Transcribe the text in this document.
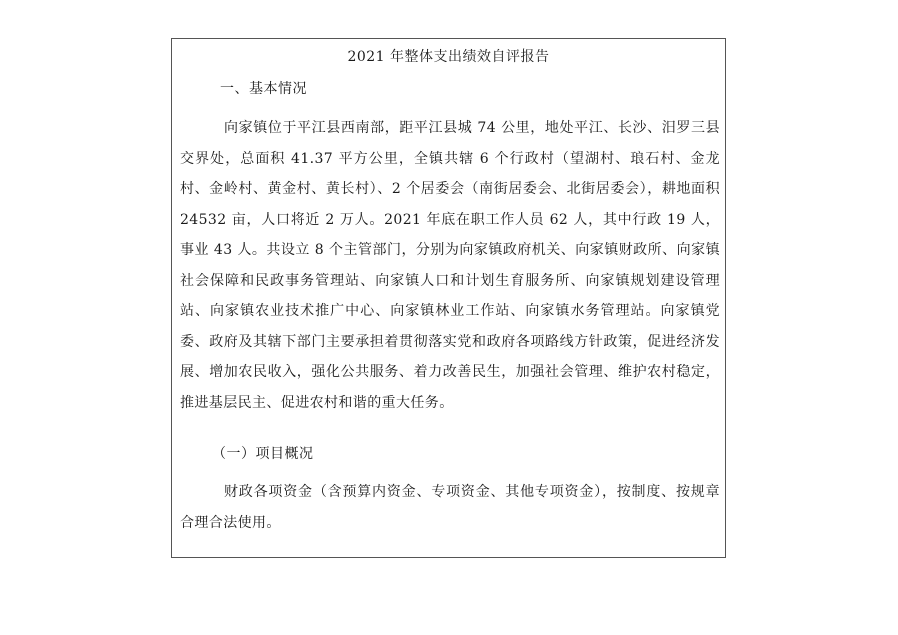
2021 年整体支出绩效自评报告
一、基本情况

向家镇位于平江县西南部，距平江县城 74 公里，地处平江、长沙、汨罗三县交界处，总面积 41.37 平方公里，全镇共辖 6 个行政村（望湖村、琅石村、金龙村、金岭村、黄金村、黄长村）、2 个居委会（南街居委会、北街居委会），耕地面积 24532 亩，人口将近 2 万人。2021 年底在职工作人员 62 人，其中行政 19 人，事业 43 人。共设立 8 个主管部门，分别为向家镇政府机关、向家镇财政所、向家镇社会保障和民政事务管理站、向家镇人口和计划生育服务所、向家镇规划建设管理站、向家镇农业技术推广中心、向家镇林业工作站、向家镇水务管理站。向家镇党委、政府及其辖下部门主要承担着贯彻落实党和政府各项路线方针政策，促进经济发展、增加农民收入，强化公共服务、着力改善民生，加强社会管理、维护农村稳定，推进基层民主、促进农村和谐的重大任务。

（一）项目概况

财政各项资金（含预算内资金、专项资金、其他专项资金），按制度、按规章合理合法使用。
